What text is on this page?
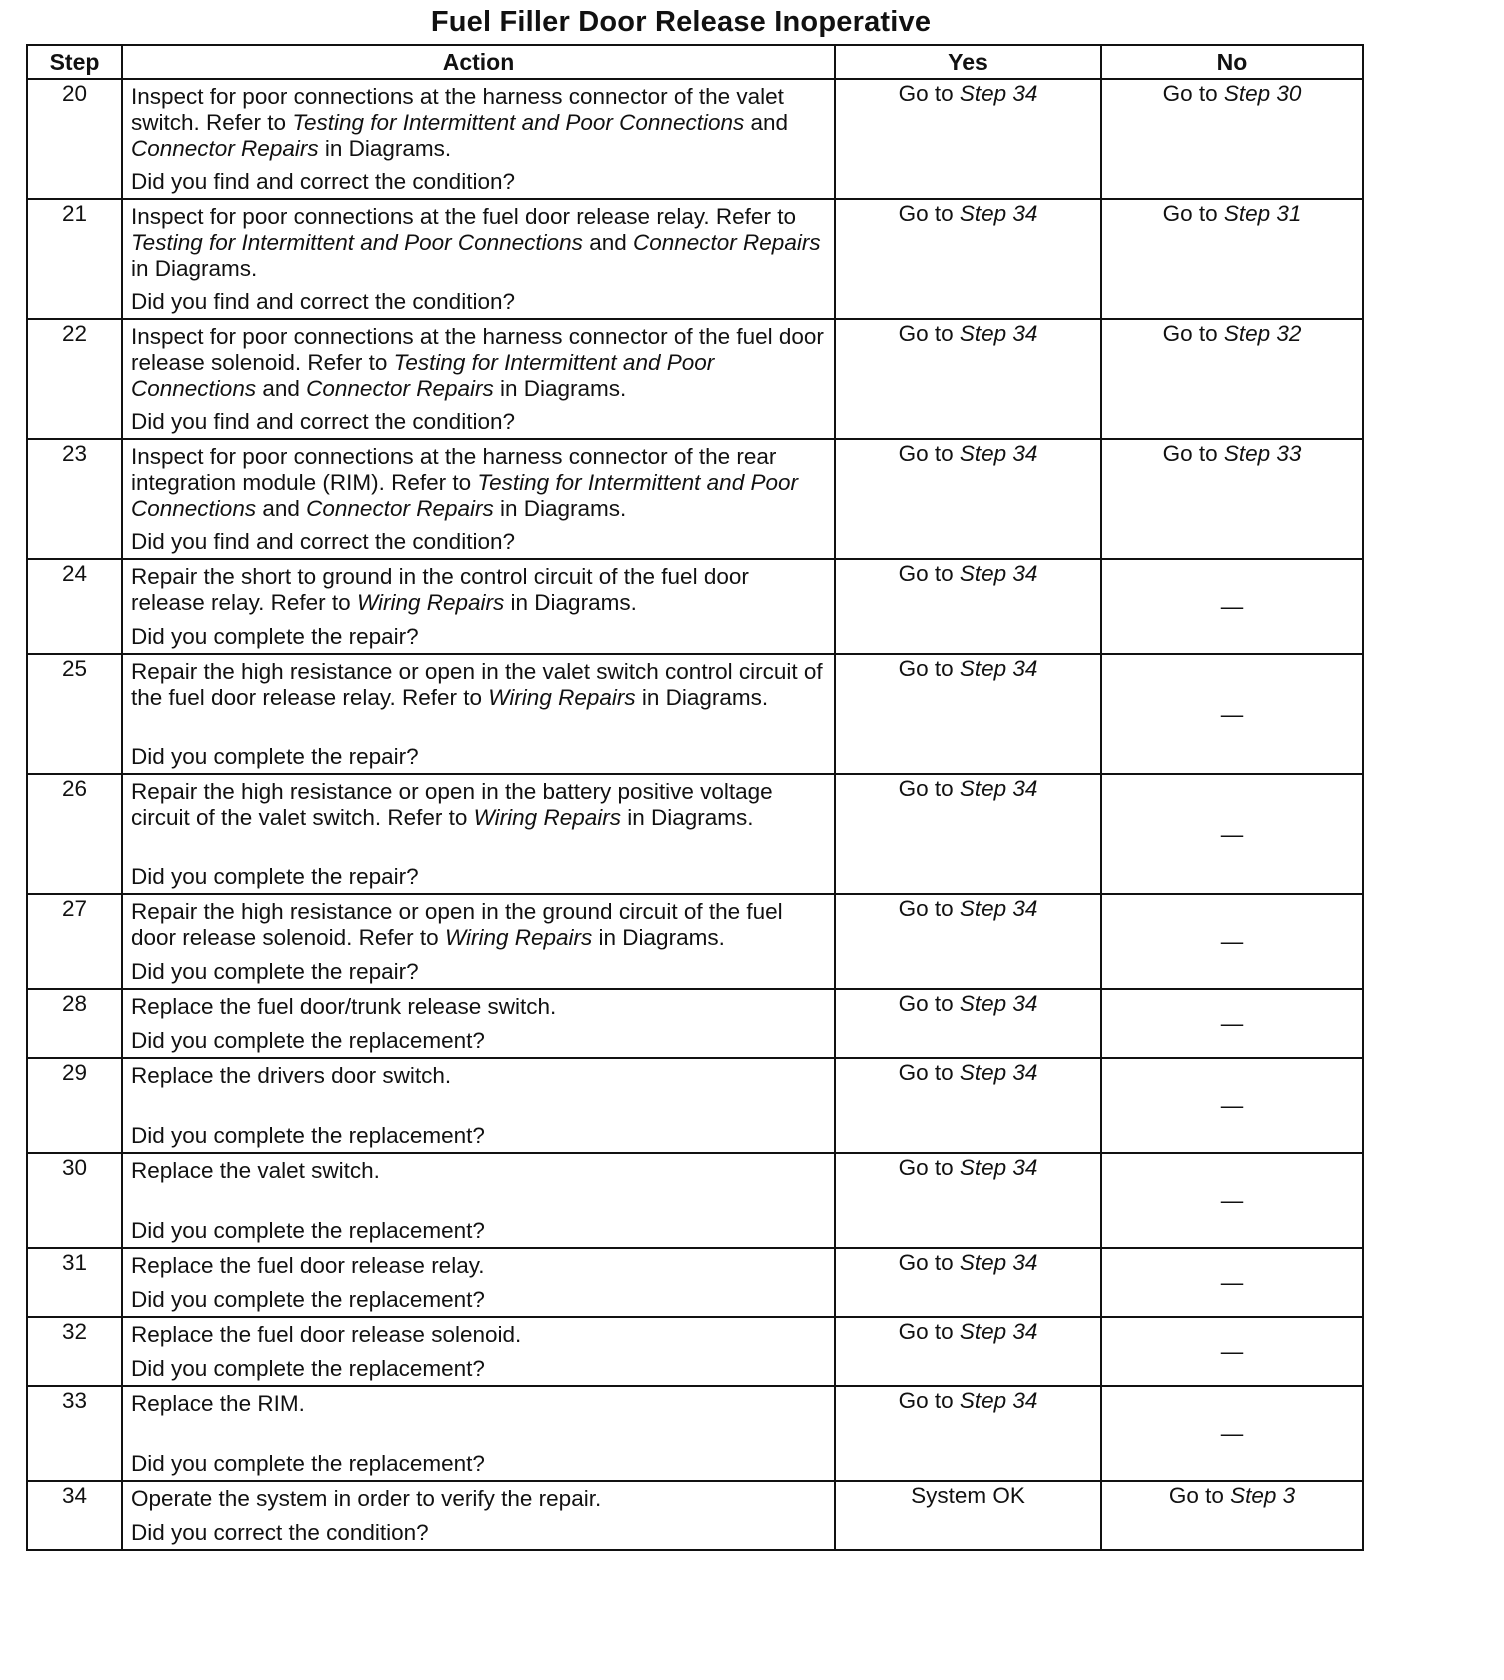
Fuel Filler Door Release Inoperative
Step	Action	Yes	No
20	Inspect for poor connections at the harness connector of the valet switch. Refer to Testing for Intermittent and Poor Connections and Connector Repairs in Diagrams.
Did you find and correct the condition?	Go to Step 34	Go to Step 30
21	Inspect for poor connections at the fuel door release relay. Refer to Testing for Intermittent and Poor Connections and Connector Repairs in Diagrams.
Did you find and correct the condition?	Go to Step 34	Go to Step 31
22	Inspect for poor connections at the harness connector of the fuel door release solenoid. Refer to Testing for Intermittent and Poor Connections and Connector Repairs in Diagrams.
Did you find and correct the condition?	Go to Step 34	Go to Step 32
23	Inspect for poor connections at the harness connector of the rear integration module (RIM). Refer to Testing for Intermittent and Poor Connections and Connector Repairs in Diagrams.
Did you find and correct the condition?	Go to Step 34	Go to Step 33
24	Repair the short to ground in the control circuit of the fuel door release relay. Refer to Wiring Repairs in Diagrams.
Did you complete the repair?	Go to Step 34	—
25	Repair the high resistance or open in the valet switch control circuit of the fuel door release relay. Refer to Wiring Repairs in Diagrams.
Did you complete the repair?	Go to Step 34	—
26	Repair the high resistance or open in the battery positive voltage circuit of the valet switch. Refer to Wiring Repairs in Diagrams.
Did you complete the repair?	Go to Step 34	—
27	Repair the high resistance or open in the ground circuit of the fuel door release solenoid. Refer to Wiring Repairs in Diagrams.
Did you complete the repair?	Go to Step 34	—
28	Replace the fuel door/trunk release switch.
Did you complete the replacement?	Go to Step 34	—
29	Replace the drivers door switch.
Did you complete the replacement?	Go to Step 34	—
30	Replace the valet switch.
Did you complete the replacement?	Go to Step 34	—
31	Replace the fuel door release relay.
Did you complete the replacement?	Go to Step 34	—
32	Replace the fuel door release solenoid.
Did you complete the replacement?	Go to Step 34	—
33	Replace the RIM.
Did you complete the replacement?	Go to Step 34	—
34	Operate the system in order to verify the repair.
Did you correct the condition?	System OK	Go to Step 3
